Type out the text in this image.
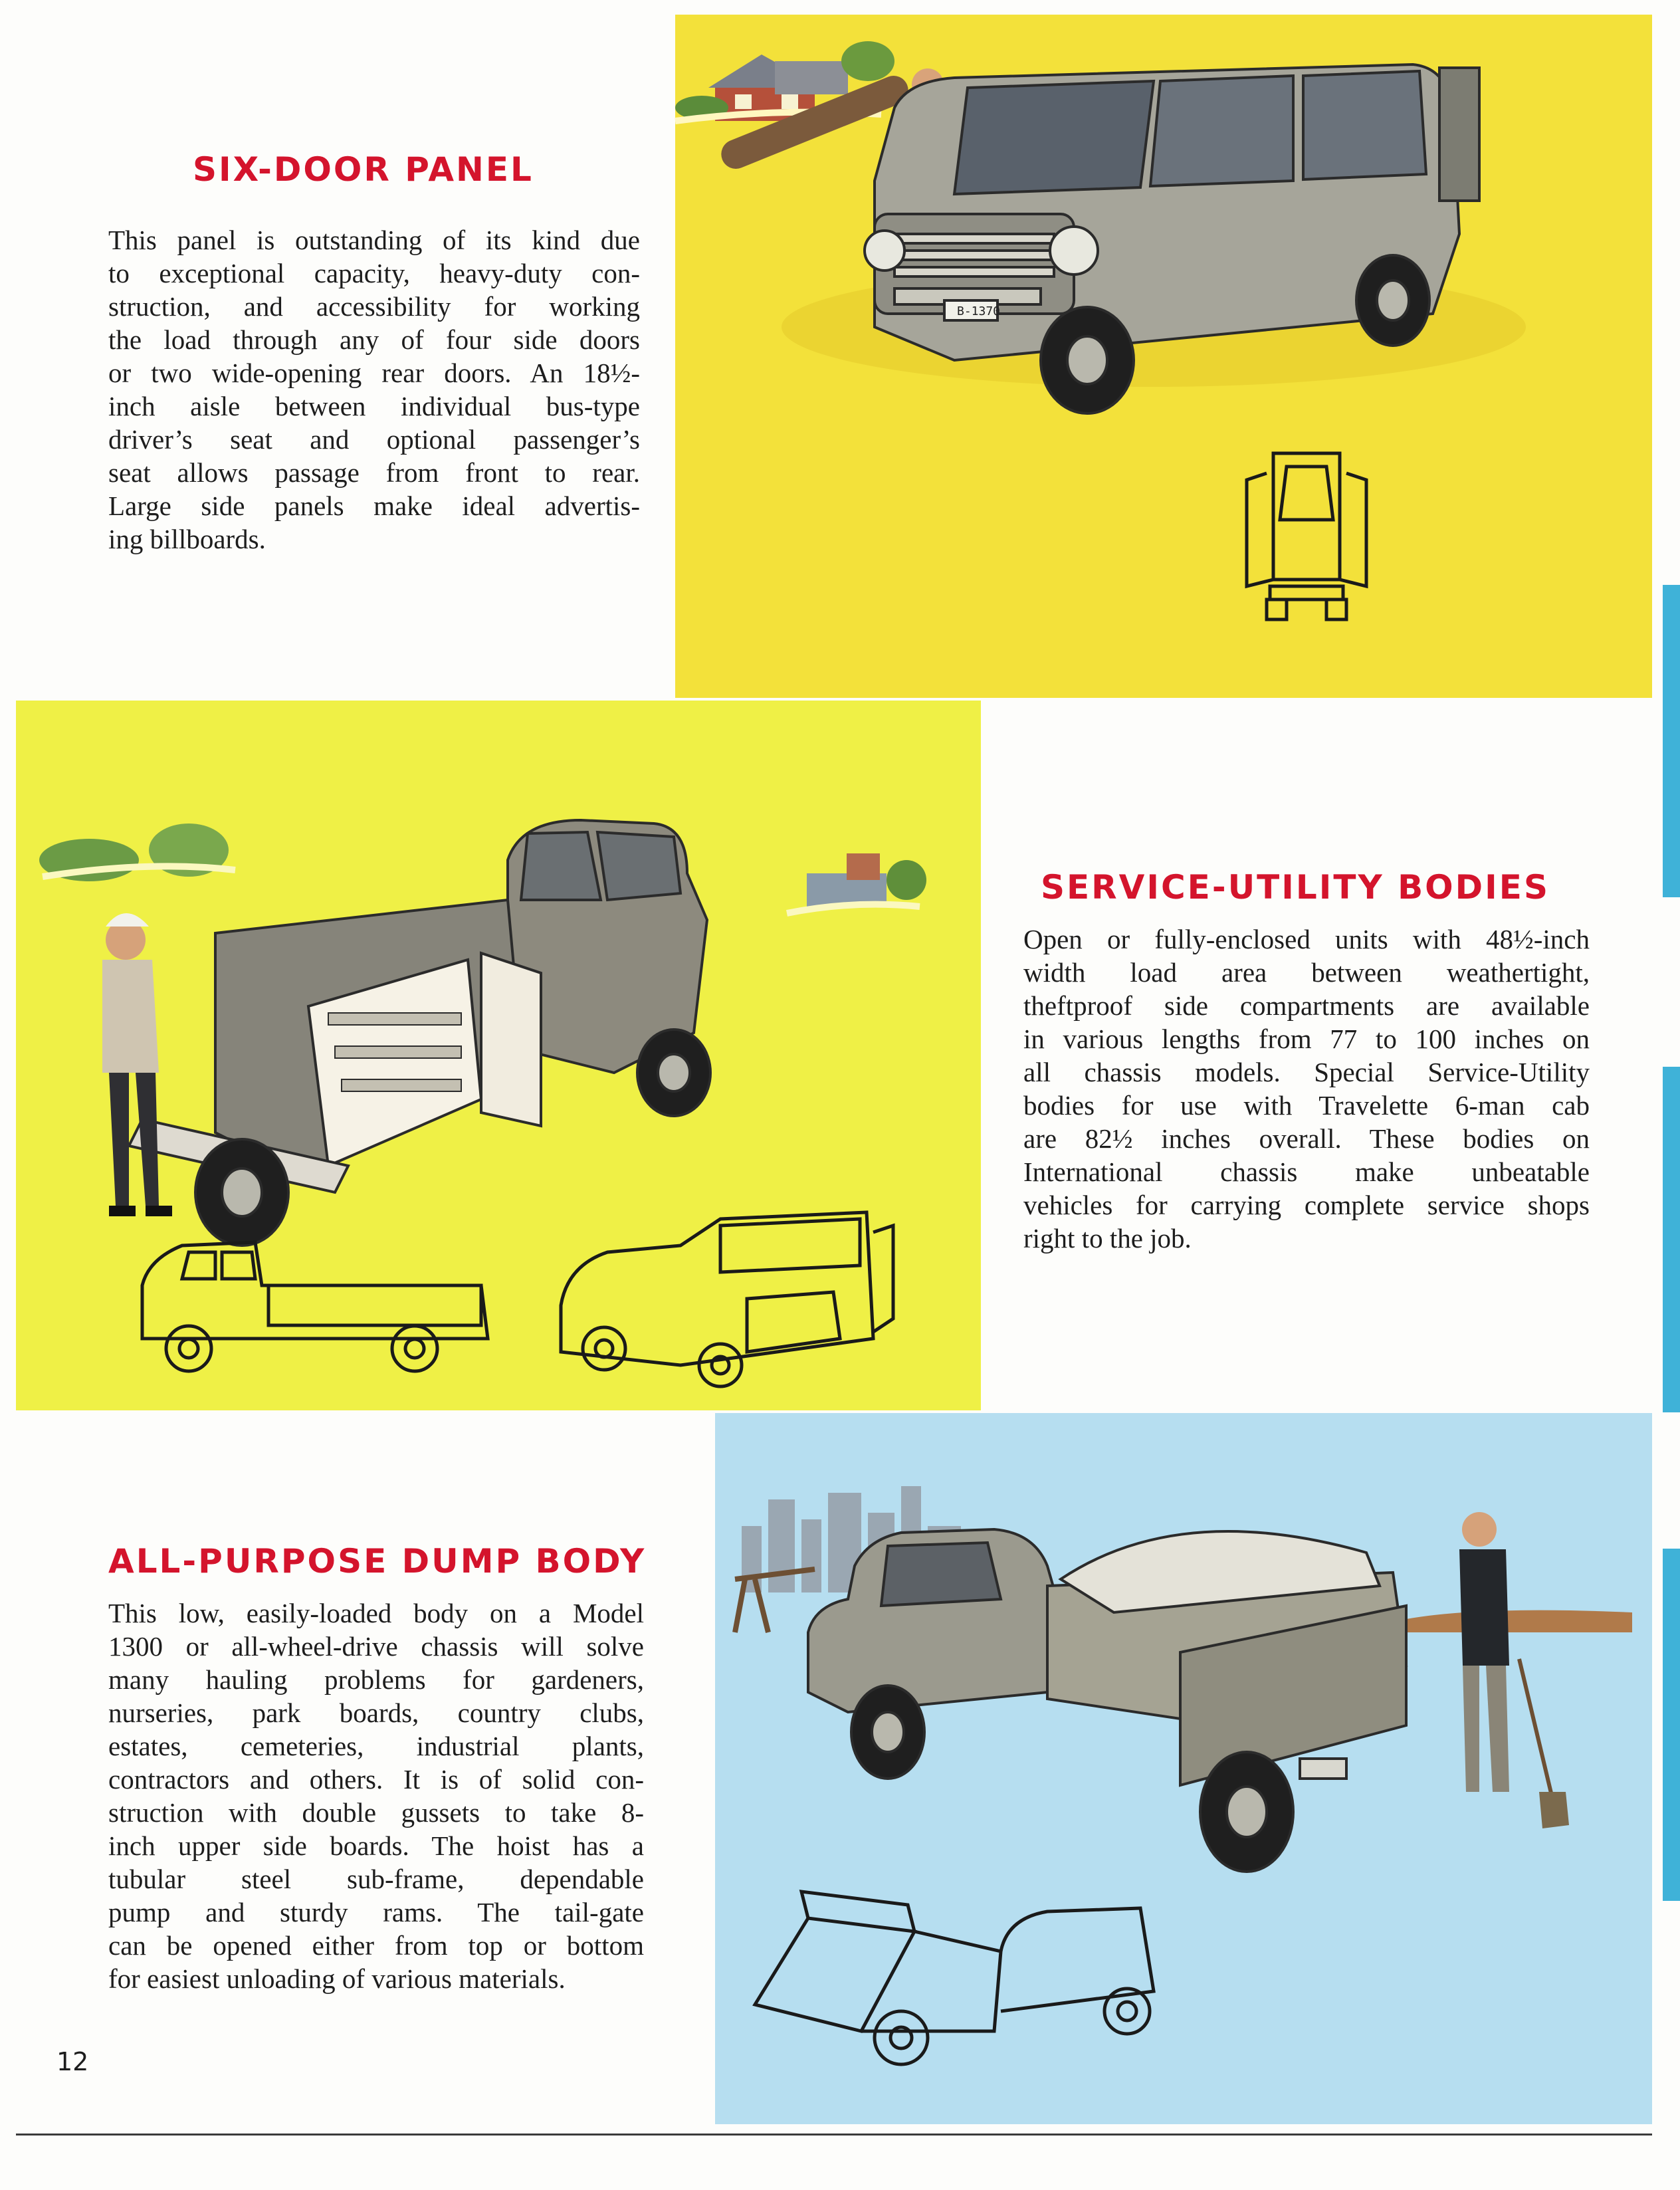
SIX-DOOR PANEL
This panel is outstanding of its kind due
to exceptional capacity, heavy-duty con-
struction, and accessibility for working
the load through any of four side doors
or two wide-opening rear doors. An 18½-
inch aisle between individual bus-type
driver’s seat and optional passenger’s
seat allows passage from front to rear.
Large side panels make ideal advertis-
ing billboards.
B-1370
SERVICE-UTILITY BODIES
Open or fully-enclosed units with 48½-inch
width load area between weathertight,
theftproof side compartments are available
in various lengths from 77 to 100 inches on
all chassis models. Special Service-Utility
bodies for use with Travelette 6-man cab
are 82½ inches overall. These bodies on
International chassis make unbeatable
vehicles for carrying complete service shops
right to the job.
ALL-PURPOSE DUMP BODY
This low, easily-loaded body on a Model
1300 or all-wheel-drive chassis will solve
many hauling problems for gardeners,
nurseries, park boards, country clubs,
estates, cemeteries, industrial plants,
contractors and others. It is of solid con-
struction with double gussets to take 8-
inch upper side boards. The hoist has a
tubular steel sub-frame, dependable
pump and sturdy rams. The tail-gate
can be opened either from top or bottom
for easiest unloading of various materials.
12
